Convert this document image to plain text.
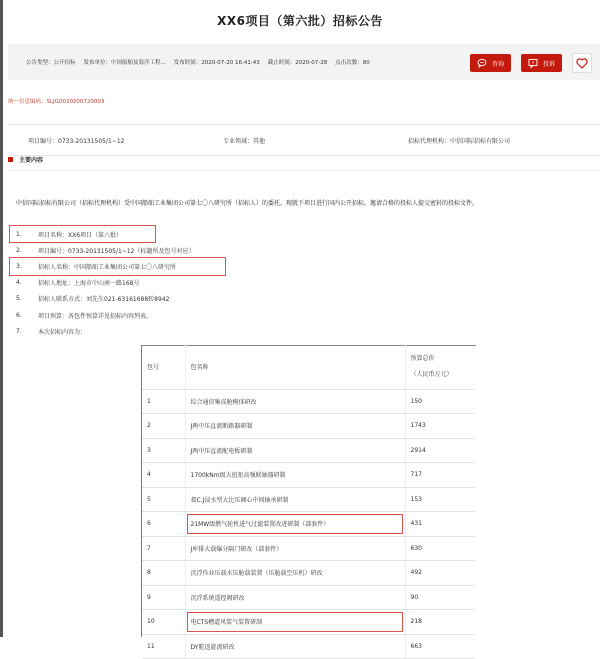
XX6项目（第六批）招标公告
公告类型：公开招标 发布单位：中国船舶及海洋工程... 发布时间：2020-07-20 16:41:43 截止时间：2020-07-28 点击次数：80	咨询	投诉
统一信息编码：SLJG0020200720003
项目编号：0733-20131505/1~12	专业领域：其他	招标代理机构：中信国际招标有限公司
主要内容
中信国际招标有限公司（招标代理机构）受中国船舶工业集团公司第七〇八研究所（招标人）的委托，现就下项目进行国内公开招标，邀请合格的投标人提交密封的投标文件。
1.	项目名称：XX6项目（第六批）
2.	项目编号：0733-20131505/1~12（标题所及包号对应）
3.	招标人名称：中国船舶工业集团公司第七〇八研究所
4.	招标人地址：上海市中山南一路168号
5.	招标人联系方式：刘先生021-63161688转8942
6.	项目预算：各包件预算详见招标内容列表。
7.	本次招标内容为：
包号	包名称	预算总价
（人民币万元）

1	综合通信集成舱模体研改	150
2	J两中压直流断路器研制	1743
3	J两中压直流配电板研制	2914
4	1700kNm级大扭矩高强联轴器研制	717
5	叔C.J浸水型大比压调心中间轴承研制	153
6	21MW级燃气轮机进气过滤装置改进研制（部套件）	431
7	J库排大载爆分隔门研改（部套件）	630
8	沉浮作业压载水压舱载装置（压舱载空压机）研改	492
9	沉浮系统遥控阀研改	90
10	电CTS槽道风装气装置研制	218
11	DY舵返旋流研改	663
